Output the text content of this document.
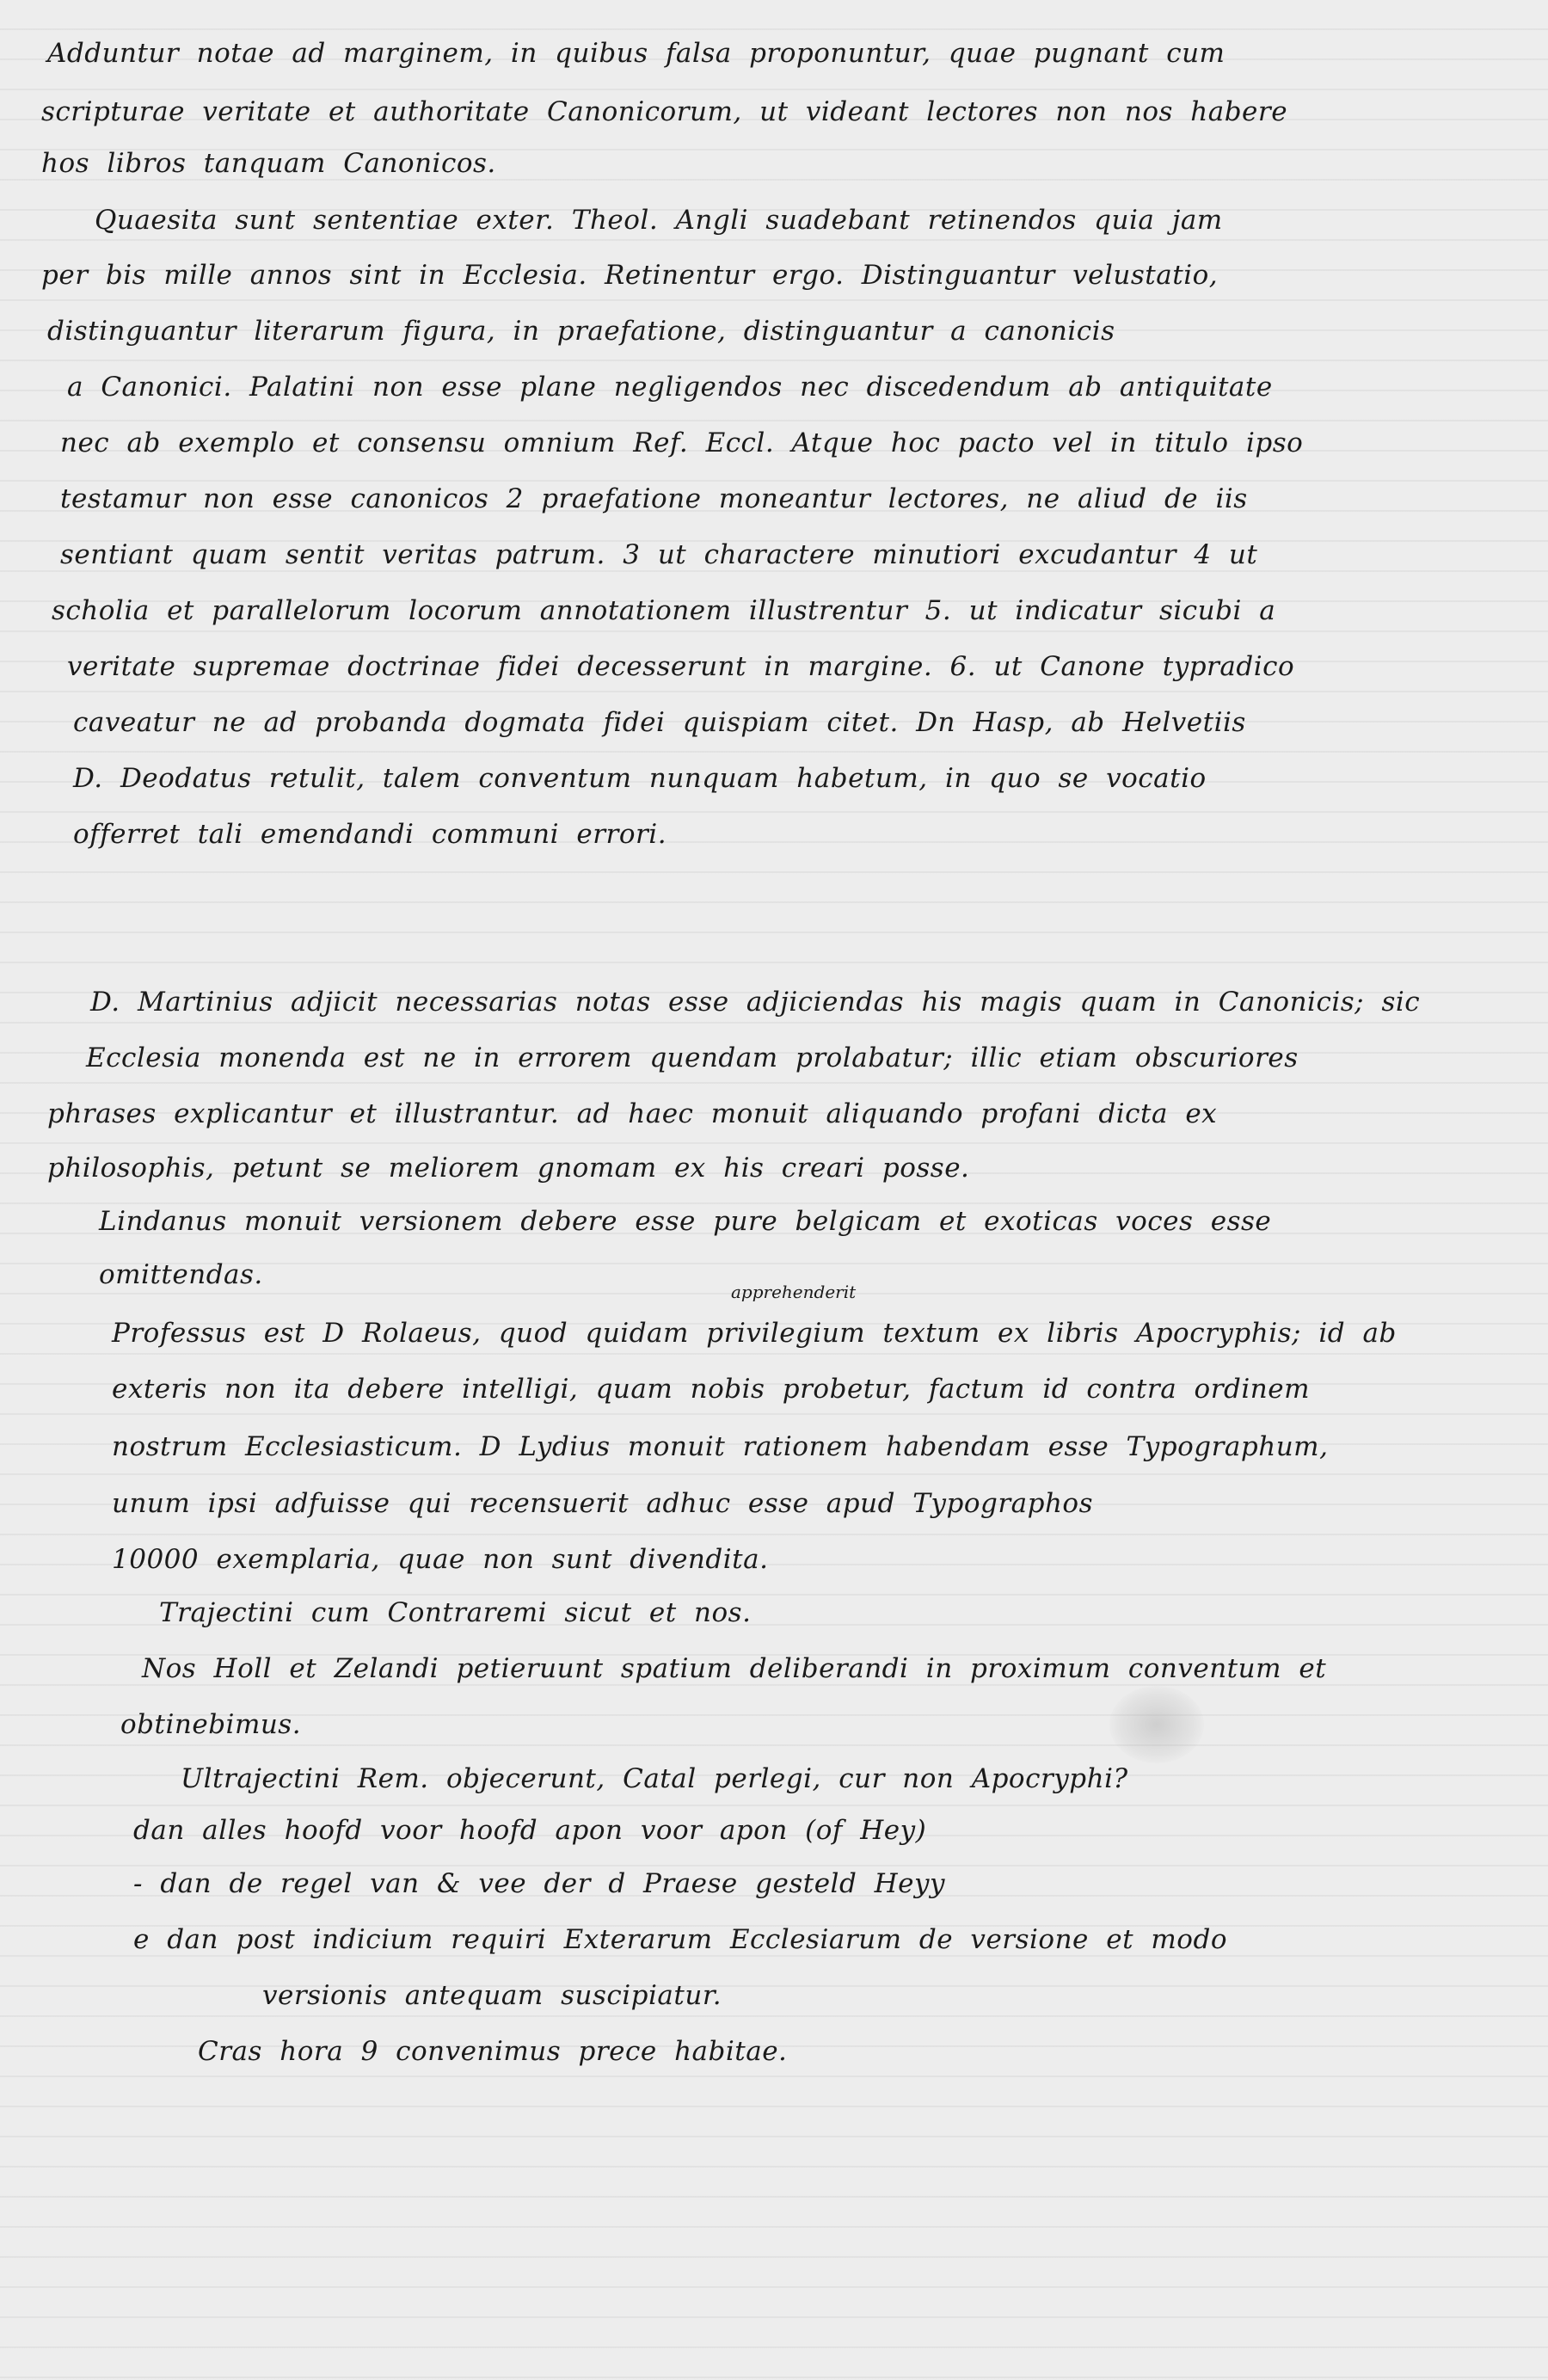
Adduntur notae ad marginem, in quibus falsa proponuntur, quae pugnant cum
scripturae veritate et authoritate Canonicorum, ut videant lectores non nos habere
hos libros tanquam Canonicos.
Quaesita sunt sententiae exter. Theol. Angli suadebant retinendos quia jam
per bis mille annos sint in Ecclesia. Retinentur ergo. Distinguantur velustatio,
distinguantur literarum figura, in praefatione, distinguantur a canonicis
a Canonici. Palatini non esse plane negligendos nec discedendum ab antiquitate
nec ab exemplo et consensu omnium Ref. Eccl. Atque hoc pacto vel in titulo ipso
testamur non esse canonicos 2 praefatione moneantur lectores, ne aliud de iis
sentiant quam sentit veritas patrum. 3 ut charactere minutiori excudantur 4 ut
scholia et parallelorum locorum annotationem illustrentur 5. ut indicatur sicubi a
veritate supremae doctrinae fidei decesserunt in margine. 6. ut Canone typradico
caveatur ne ad probanda dogmata fidei quispiam citet. Dn Hasp, ab Helvetiis
D. Deodatus retulit, talem conventum nunquam habetum, in quo se vocatio
offerret tali emendandi communi errori.
D. Martinius adjicit necessarias notas esse adjiciendas his magis quam in Canonicis; sic
Ecclesia monenda est ne in errorem quendam prolabatur; illic etiam obscuriores
phrases explicantur et illustrantur. ad haec monuit aliquando profani dicta ex
philosophis, petunt se meliorem gnomam ex his creari posse.
Lindanus monuit versionem debere esse pure belgicam et exoticas voces esse
omittendas.
apprehenderit
Professus est D Rolaeus, quod quidam privilegium textum ex libris Apocryphis; id ab
exteris non ita debere intelligi, quam nobis probetur, factum id contra ordinem
nostrum Ecclesiasticum. D Lydius monuit rationem habendam esse Typographum,
unum ipsi adfuisse qui recensuerit adhuc esse apud Typographos
10000 exemplaria, quae non sunt divendita.
Trajectini cum Contraremi sicut et nos.
Nos Holl et Zelandi petieruunt spatium deliberandi in proximum conventum et
obtinebimus.
Ultrajectini Rem. objecerunt, Catal perlegi, cur non Apocryphi?
dan alles hoofd voor hoofd apon voor apon (of Hey)
- dan de regel van & vee der d Praese gesteld Heyy
e dan post indicium requiri Exterarum Ecclesiarum de versione et modo
versionis antequam suscipiatur.
Cras hora 9 convenimus prece habitae.
